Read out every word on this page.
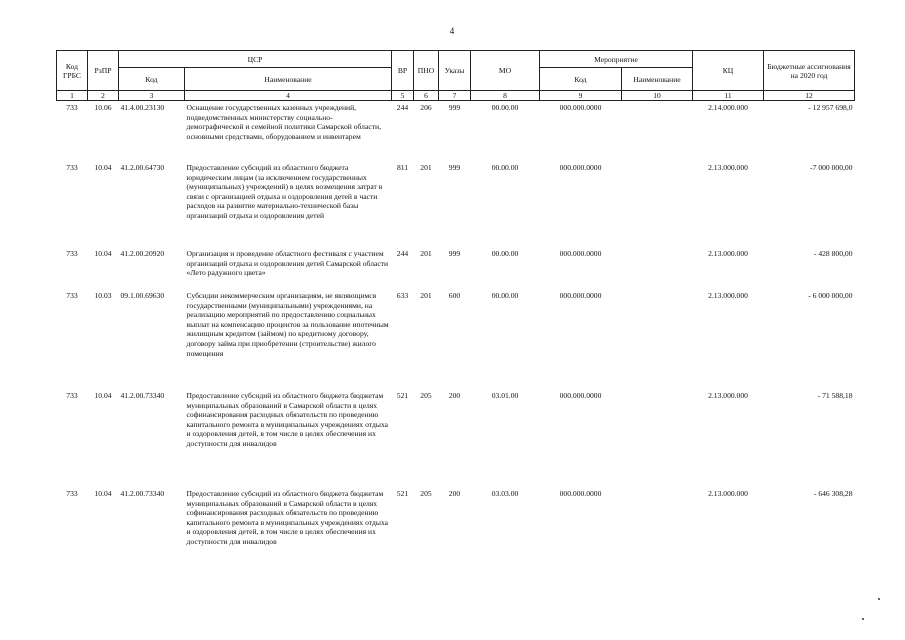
4
Код ГРБС	РзПР	ЦСР		ВР	ПНО	Указы	МО	Мероприятие		КЦ	Бюджетные ассигнования на 2020 год
		Код	Наименование					Код	Наименование		
1	2	3	4	5	6	7	8	9	10	11	12
733	10.06	41.4.00.23130	Оснащение государственных казенных учреждений, подведомственных министерству социально-демографической и семейной политики Самарской области, основными средствами, оборудованием и инвентарем	244	206	999	00.00.00	000.000.0000		2.14.000.000	- 12 957 698,0
733	10.04	41.2.00.64730	Предоставление субсидий из областного бюджета юридическим лицам (за исключением государственных (муниципальных) учреждений) в целях возмещения затрат в связи с организацией отдыха и оздоровления детей в части расходов на развитие материально-технической базы организаций отдыха и оздоровления детей	811	201	999	00.00.00	000.000.0000		2.13.000.000	-7 000 000,00
733	10.04	41.2.00.20920	Организация и проведение областного фестиваля с участием организаций отдыха и оздоровления детей Самарской области «Лето радужного цвета»	244	201	999	00.00.00	000.000.0000		2.13.000.000	- 428 800,00
733	10.03	09.1.00.69630	Субсидии некоммерческим организациям, не являющимся государственными (муниципальными) учреждениями, на реализацию мероприятий по предоставлению социальных выплат на компенсацию процентов за пользование ипотечным жилищным кредитом (займом) по кредитному договору, договору займа при приобретении (строительстве) жилого помещения	633	201	600	00.00.00	000.000.0000		2.13.000.000	- 6 000 000,00
733	10.04	41.2.00.73340	Предоставление субсидий из областного бюджета бюджетам муниципальных образований в Самарской области в целях софинансирования расходных обязательств по проведению капитального ремонта в муниципальных учреждениях отдыха и оздоровления детей, в том числе в целях обеспечения их доступности для инвалидов	521	205	200	03.01.00	000.000.0000		2.13.000.000	- 71 588,18
733	10.04	41.2.00.73340	Предоставление субсидий из областного бюджета бюджетам муниципальных образований в Самарской области в целях софинансирования расходных обязательств по проведению капитального ремонта в муниципальных учреждениях отдыха и оздоровления детей, в том числе в целях обеспечения их доступности для инвалидов	521	205	200	03.03.00	000.000.0000		2.13.000.000	- 646 308,28
